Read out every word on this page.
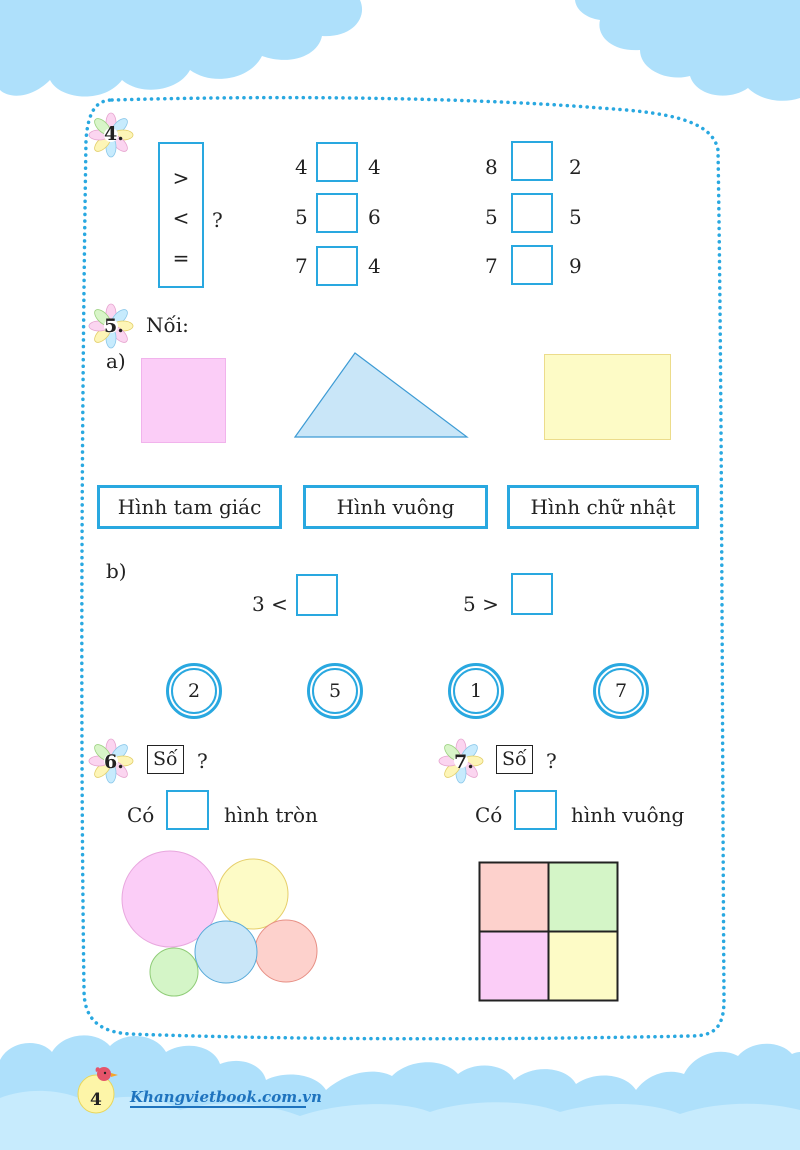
4.
>
<
=
?
4	4
5	6
7	4
8	2
5	5
7	9
5. Nối:
a)
Hình tam giác	Hình vuông	Hình chữ nhật
b)
3 <	5 >
2	5	1	7
6.	Số ?
Có	hình tròn
7.	Số ?
Có	hình vuông
4 Khangvietbook.com.vn
